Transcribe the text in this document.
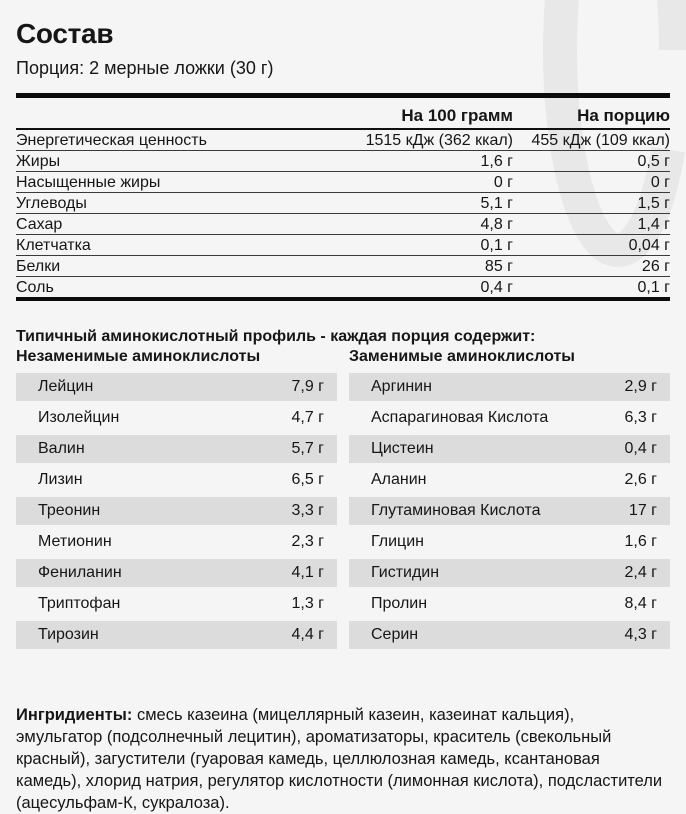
Состав
Порция: 2 мерные ложки (30 г)
На 100 грамм	На порцию
Энергетическая ценность	1515 кДж (362 ккал)	455 кДж (109 ккал)
Жиры	1,6 г	0,5 г
Насыщенные жиры	0 г	0 г
Углеводы	5,1 г	1,5 г
Сахар	4,8 г	1,4 г
Клетчатка	0,1 г	0,04 г
Белки	85 г	26 г
Соль	0,4 г	0,1 г
Типичный аминокислотный профиль - каждая порция содержит:
Незаменимые аминоклислоты
Лейцин	7,9 г
Изолейцин	4,7 г
Валин	5,7 г
Лизин	6,5 г
Треонин	3,3 г
Метионин	2,3 г
Фениланин	4,1 г
Триптофан	1,3 г
Тирозин	4,4 г
Заменимые аминоклислоты
Аргинин	2,9 г
Аспарагиновая Кислота	6,3 г
Цистеин	0,4 г
Аланин	2,6 г
Глутаминовая Кислота	17 г
Глицин	1,6 г
Гистидин	2,4 г
Пролин	8,4 г
Серин	4,3 г
Ингридиенты: смесь казеина (мицеллярный казеин, казеинат кальция), эмульгатор (подсолнечный лецитин), ароматизаторы, краситель (свекольный красный), загустители (гуаровая камедь, целлюлозная камедь, ксантановая камедь), хлорид натрия, регулятор кислотности (лимонная кислота), подсластители (ацесульфам-К, сукралоза).
